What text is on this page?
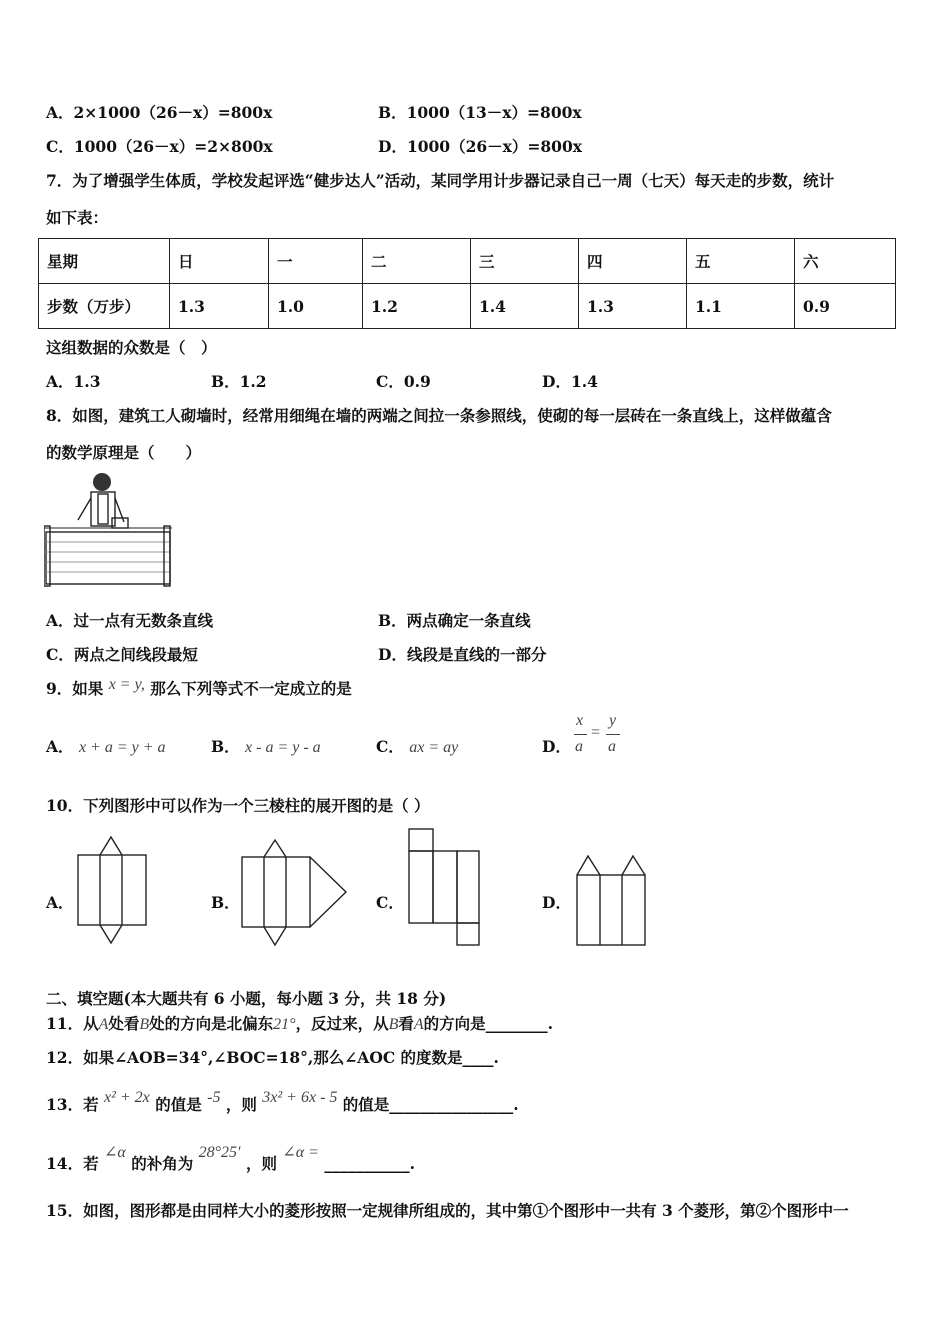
A．2×1000（26－x）=800x	B．1000（13－x）=800x
C．1000（26－x）=2×800x	D．1000（26－x）=800x
7．为了增强学生体质，学校发起评选“健步达人”活动，某同学用计步器记录自己一周（七天）每天走的步数，统计
如下表：
星期	日	一	二	三	四	五	六
步数（万步）	1.3	1.0	1.2	1.4	1.3	1.1	0.9
这组数据的众数是（　）
A．1.3	B．1.2	C．0.9	D．1.4
8．如图，建筑工人砌墙时，经常用细绳在墙的两端之间拉一条参照线，使砌的每一层砖在一条直线上，这样做蕴含
的数学原理是（　　）
A．过一点有无数条直线	B．两点确定一条直线
C．两点之间线段最短	D．线段是直线的一部分
9．如果 x = y, 那么下列等式不一定成立的是
A． x + a = y + a	B． x - a = y - a	C． ax = ay	D．
x
a
=
y
a
10．下列图形中可以作为一个三棱柱的展开图的是（ ）
A．	B．	C．	D．
二、填空题(本大题共有 6 小题，每小题 3 分，共 18 分)
11．从A处看B处的方向是北偏东21°，反过来，从B看A的方向是________.
12．如果∠AOB=34°,∠BOC=18°,那么∠AOC 的度数是____.
13．若 x² + 2x 的值是 -5 ，则 3x² + 6x - 5 的值是________________.
14．若 ∠α 的补角为 28°25′ ，则 ∠α = ___________.
15．如图，图形都是由同样大小的菱形按照一定规律所组成的，其中第①个图形中一共有 3 个菱形，第②个图形中一
